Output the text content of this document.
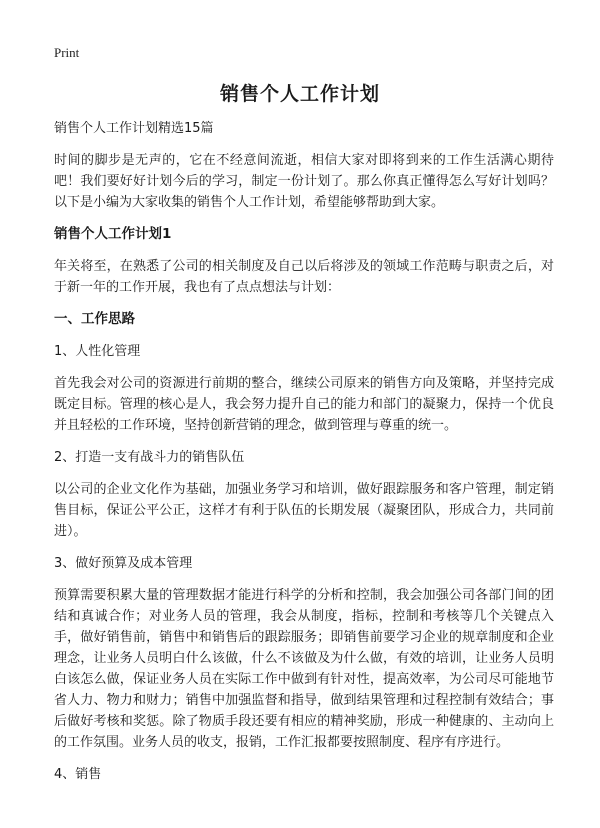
Print
销售个人工作计划

销售个人工作计划精选15篇

时间的脚步是无声的，它在不经意间流逝，相信大家对即将到来的工作生活满心期待吧！我们要好好计划今后的学习，制定一份计划了。那么你真正懂得怎么写好计划吗？以下是小编为大家收集的销售个人工作计划，希望能够帮助到大家。

销售个人工作计划1

年关将至，在熟悉了公司的相关制度及自己以后将涉及的领域工作范畴与职责之后，对于新一年的工作开展，我也有了点点想法与计划：

一、工作思路

1、人性化管理

首先我会对公司的资源进行前期的整合，继续公司原来的销售方向及策略，并坚持完成既定目标。管理的核心是人，我会努力提升自己的能力和部门的凝聚力，保持一个优良并且轻松的工作环境，坚持创新营销的理念，做到管理与尊重的统一。

2、打造一支有战斗力的销售队伍

以公司的企业文化作为基础，加强业务学习和培训，做好跟踪服务和客户管理，制定销售目标，保证公平公正，这样才有利于队伍的长期发展（凝聚团队，形成合力，共同前进）。

3、做好预算及成本管理

预算需要积累大量的管理数据才能进行科学的分析和控制，我会加强公司各部门间的团结和真诚合作；对业务人员的管理，我会从制度，指标，控制和考核等几个关键点入手，做好销售前，销售中和销售后的跟踪服务；即销售前要学习企业的规章制度和企业理念，让业务人员明白什么该做，什么不该做及为什么做，有效的培训，让业务人员明白该怎么做，保证业务人员在实际工作中做到有针对性，提高效率，为公司尽可能地节省人力、物力和财力；销售中加强监督和指导，做到结果管理和过程控制有效结合；事后做好考核和奖惩。除了物质手段还要有相应的精神奖励，形成一种健康的、主动向上的工作氛围。业务人员的收支，报销，工作汇报都要按照制度、程序有序进行。

4、销售
